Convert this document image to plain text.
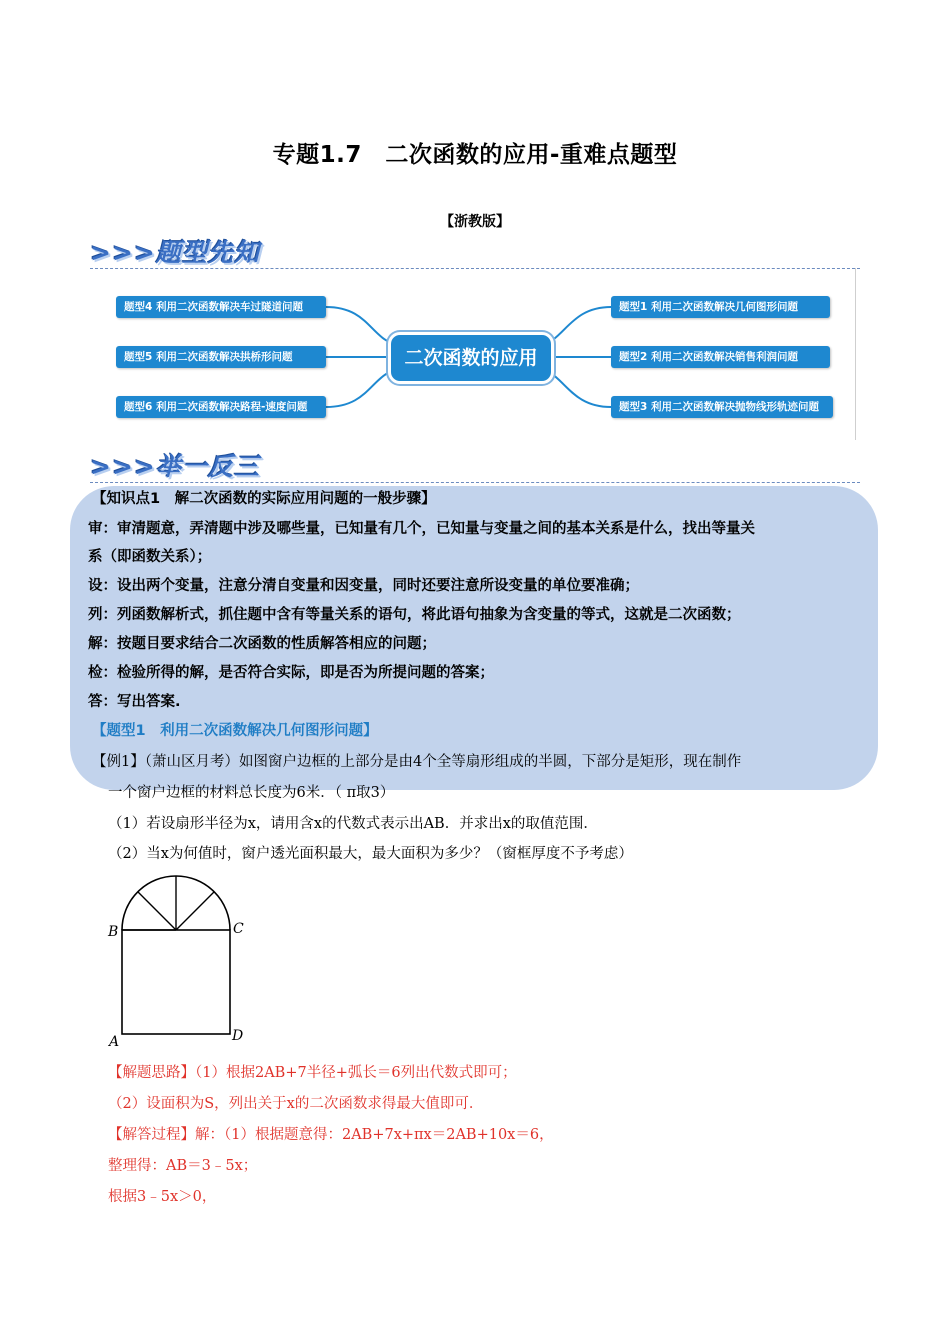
专题1.7　二次函数的应用-重难点题型
【浙教版】
>>>题型先知
题型4 利用二次函数解决车过隧道问题
题型5 利用二次函数解决拱桥形问题
题型6 利用二次函数解决路程-速度问题
二次函数的应用
题型1 利用二次函数解决几何图形问题
题型2 利用二次函数解决销售利润问题
题型3 利用二次函数解决抛物线形轨迹问题
>>>举一反三
【知识点1　解二次函数的实际应用问题的一般步骤】
审：审清题意，弄清题中涉及哪些量，已知量有几个，已知量与变量之间的基本关系是什么，找出等量关
系（即函数关系）；
设：设出两个变量，注意分清自变量和因变量，同时还要注意所设变量的单位要准确；
列：列函数解析式，抓住题中含有等量关系的语句，将此语句抽象为含变量的等式，这就是二次函数；
解：按题目要求结合二次函数的性质解答相应的问题；
检：检验所得的解，是否符合实际，即是否为所提问题的答案；
答：写出答案.
【题型1　利用二次函数解决几何图形问题】
【例1】（萧山区月考）如图窗户边框的上部分是由4个全等扇形组成的半圆，下部分是矩形，现在制作
一个窗户边框的材料总长度为6米．（ π取3）
（1）若设扇形半径为x，请用含x的代数式表示出AB．并求出x的取值范围．
（2）当x为何值时，窗户透光面积最大，最大面积为多少？（窗框厚度不予考虑）
B	C
A	D
【解题思路】（1）根据2AB+7半径+弧长＝6列出代数式即可；
（2）设面积为S，列出关于x的二次函数求得最大值即可．
【解答过程】解：（1）根据题意得：2AB+7x+πx＝2AB+10x＝6，
整理得：AB＝3﹣5x；
根据3﹣5x＞0，
